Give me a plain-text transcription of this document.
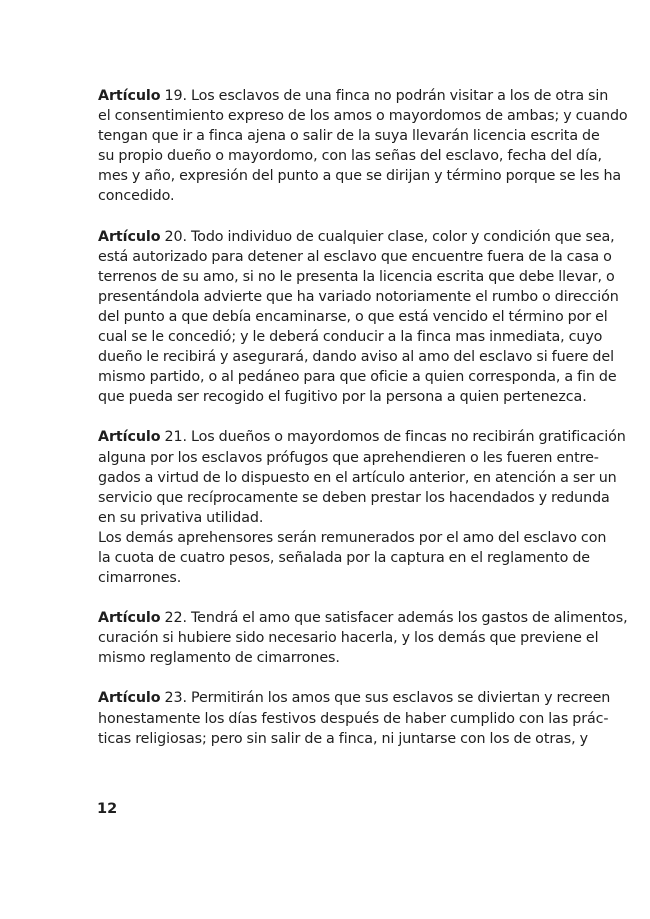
Artículo 19. Los esclavos de una finca no podrán visitar a los de otra sin
el consentimiento expreso de los amos o mayordomos de ambas; y cuando
tengan que ir a finca ajena o salir de la suya llevarán licencia escrita de
su propio dueño o mayordomo, con las señas del esclavo, fecha del día,
mes y año, expresión del punto a que se dirijan y término porque se les ha
concedido.

Artículo 20. Todo individuo de cualquier clase, color y condición que sea,
está autorizado para detener al esclavo que encuentre fuera de la casa o
terrenos de su amo, si no le presenta la licencia escrita que debe llevar, o
presentándola advierte que ha variado notoriamente el rumbo o dirección
del punto a que debía encaminarse, o que está vencido el término por el
cual se le concedió; y le deberá conducir a la finca mas inmediata, cuyo
dueño le recibirá y asegurará, dando aviso al amo del esclavo si fuere del
mismo partido, o al pedáneo para que oficie a quien corresponda, a fin de
que pueda ser recogido el fugitivo por la persona a quien pertenezca.

Artículo 21. Los dueños o mayordomos de fincas no recibirán gratificación
alguna por los esclavos prófugos que aprehendieren o les fueren entre-
gados a virtud de lo dispuesto en el artículo anterior, en atención a ser un
servicio que recíprocamente se deben prestar los hacendados y redunda
en su privativa utilidad.
Los demás aprehensores serán remunerados por el amo del esclavo con
la cuota de cuatro pesos, señalada por la captura en el reglamento de
cimarrones.

Artículo 22. Tendrá el amo que satisfacer además los gastos de alimentos,
curación si hubiere sido necesario hacerla, y los demás que previene el
mismo reglamento de cimarrones.

Artículo 23. Permitirán los amos que sus esclavos se diviertan y recreen
honestamente los días festivos después de haber cumplido con las prác-
ticas religiosas; pero sin salir de a finca, ni juntarse con los de otras, y

12
